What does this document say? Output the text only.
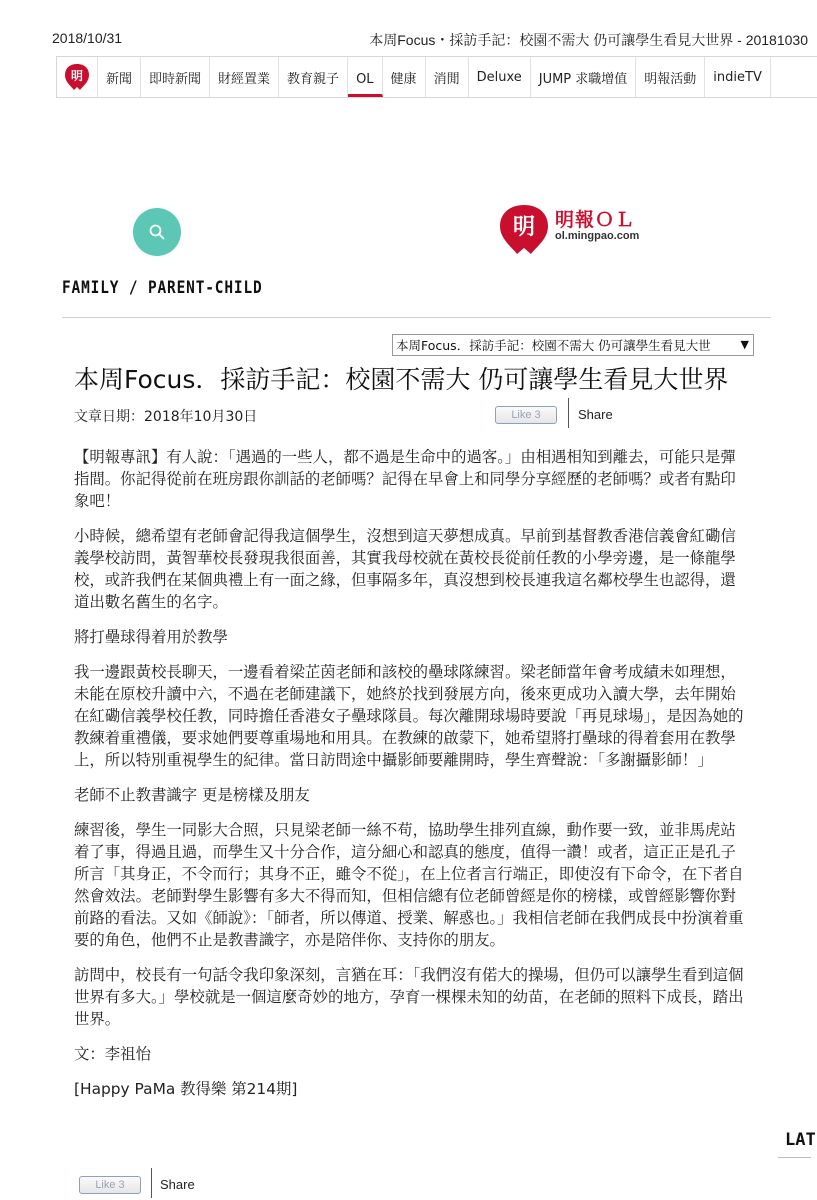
2018/10/31	本周Focus・採訪手記：校園不需大 仍可讓學生看見大世界 - 20181030
明	新聞	即時新聞	財經置業	教育親子	OL	健康	消閒	Deluxe	JUMP 求職增值	明報活動	indieTV
明 明報ＯＬ
ol.mingpao.com
FAMILY / PARENT-CHILD
本周Focus．採訪手記：校園不需大 仍可讓學生看見大世	▼
本周Focus．採訪手記：校園不需大 仍可讓學生看見大世界
文章日期：2018年10月30日	Like 3	Share

【明報專訊】有人說：「遇過的一些人，都不過是生命中的過客。」由相遇相知到離去，可能只是彈指間。你記得從前在班房跟你訓話的老師嗎？記得在早會上和同學分享經歷的老師嗎？或者有點印象吧！

小時候，總希望有老師會記得我這個學生，沒想到這天夢想成真。早前到基督教香港信義會紅磡信義學校訪問，黃智華校長發現我很面善，其實我母校就在黃校長從前任教的小學旁邊，是一條龍學校，或許我們在某個典禮上有一面之緣，但事隔多年，真沒想到校長連我這名鄰校學生也認得，還道出數名舊生的名字。

將打壘球得着用於教學

我一邊跟黃校長聊天，一邊看着梁芷茵老師和該校的壘球隊練習。梁老師當年會考成績未如理想，未能在原校升讀中六，不過在老師建議下，她終於找到發展方向，後來更成功入讀大學，去年開始在紅磡信義學校任教，同時擔任香港女子壘球隊員。每次離開球場時要說「再見球場」，是因為她的教練着重禮儀，要求她們要尊重場地和用具。在教練的啟蒙下，她希望將打壘球的得着套用在教學上，所以特別重視學生的紀律。當日訪問途中攝影師要離開時，學生齊聲說：「多謝攝影師！」

老師不止教書識字 更是榜樣及朋友

練習後，學生一同影大合照，只見梁老師一絲不苟，協助學生排列直線，動作要一致，並非馬虎站着了事，得過且過，而學生又十分合作，這分細心和認真的態度，值得一讚！或者，這正正是孔子所言「其身正，不令而行；其身不正，雖令不從」，在上位者言行端正，即使沒有下命令，在下者自然會效法。老師對學生影響有多大不得而知，但相信總有位老師曾經是你的榜樣，或曾經影響你對前路的看法。又如《師說》：「師者，所以傳道、授業、解惑也。」我相信老師在我們成長中扮演着重要的角色，他們不止是教書識字，亦是陪伴你、支持你的朋友。

訪問中，校長有一句話令我印象深刻，言猶在耳：「我們沒有偌大的操場，但仍可以讓學生看到這個世界有多大。」學校就是一個這麼奇妙的地方，孕育一棵棵未知的幼苗，在老師的照料下成長，踏出世界。

文：李祖怡

[Happy PaMa 教得樂 第214期]

Like 3	Share
LAT
